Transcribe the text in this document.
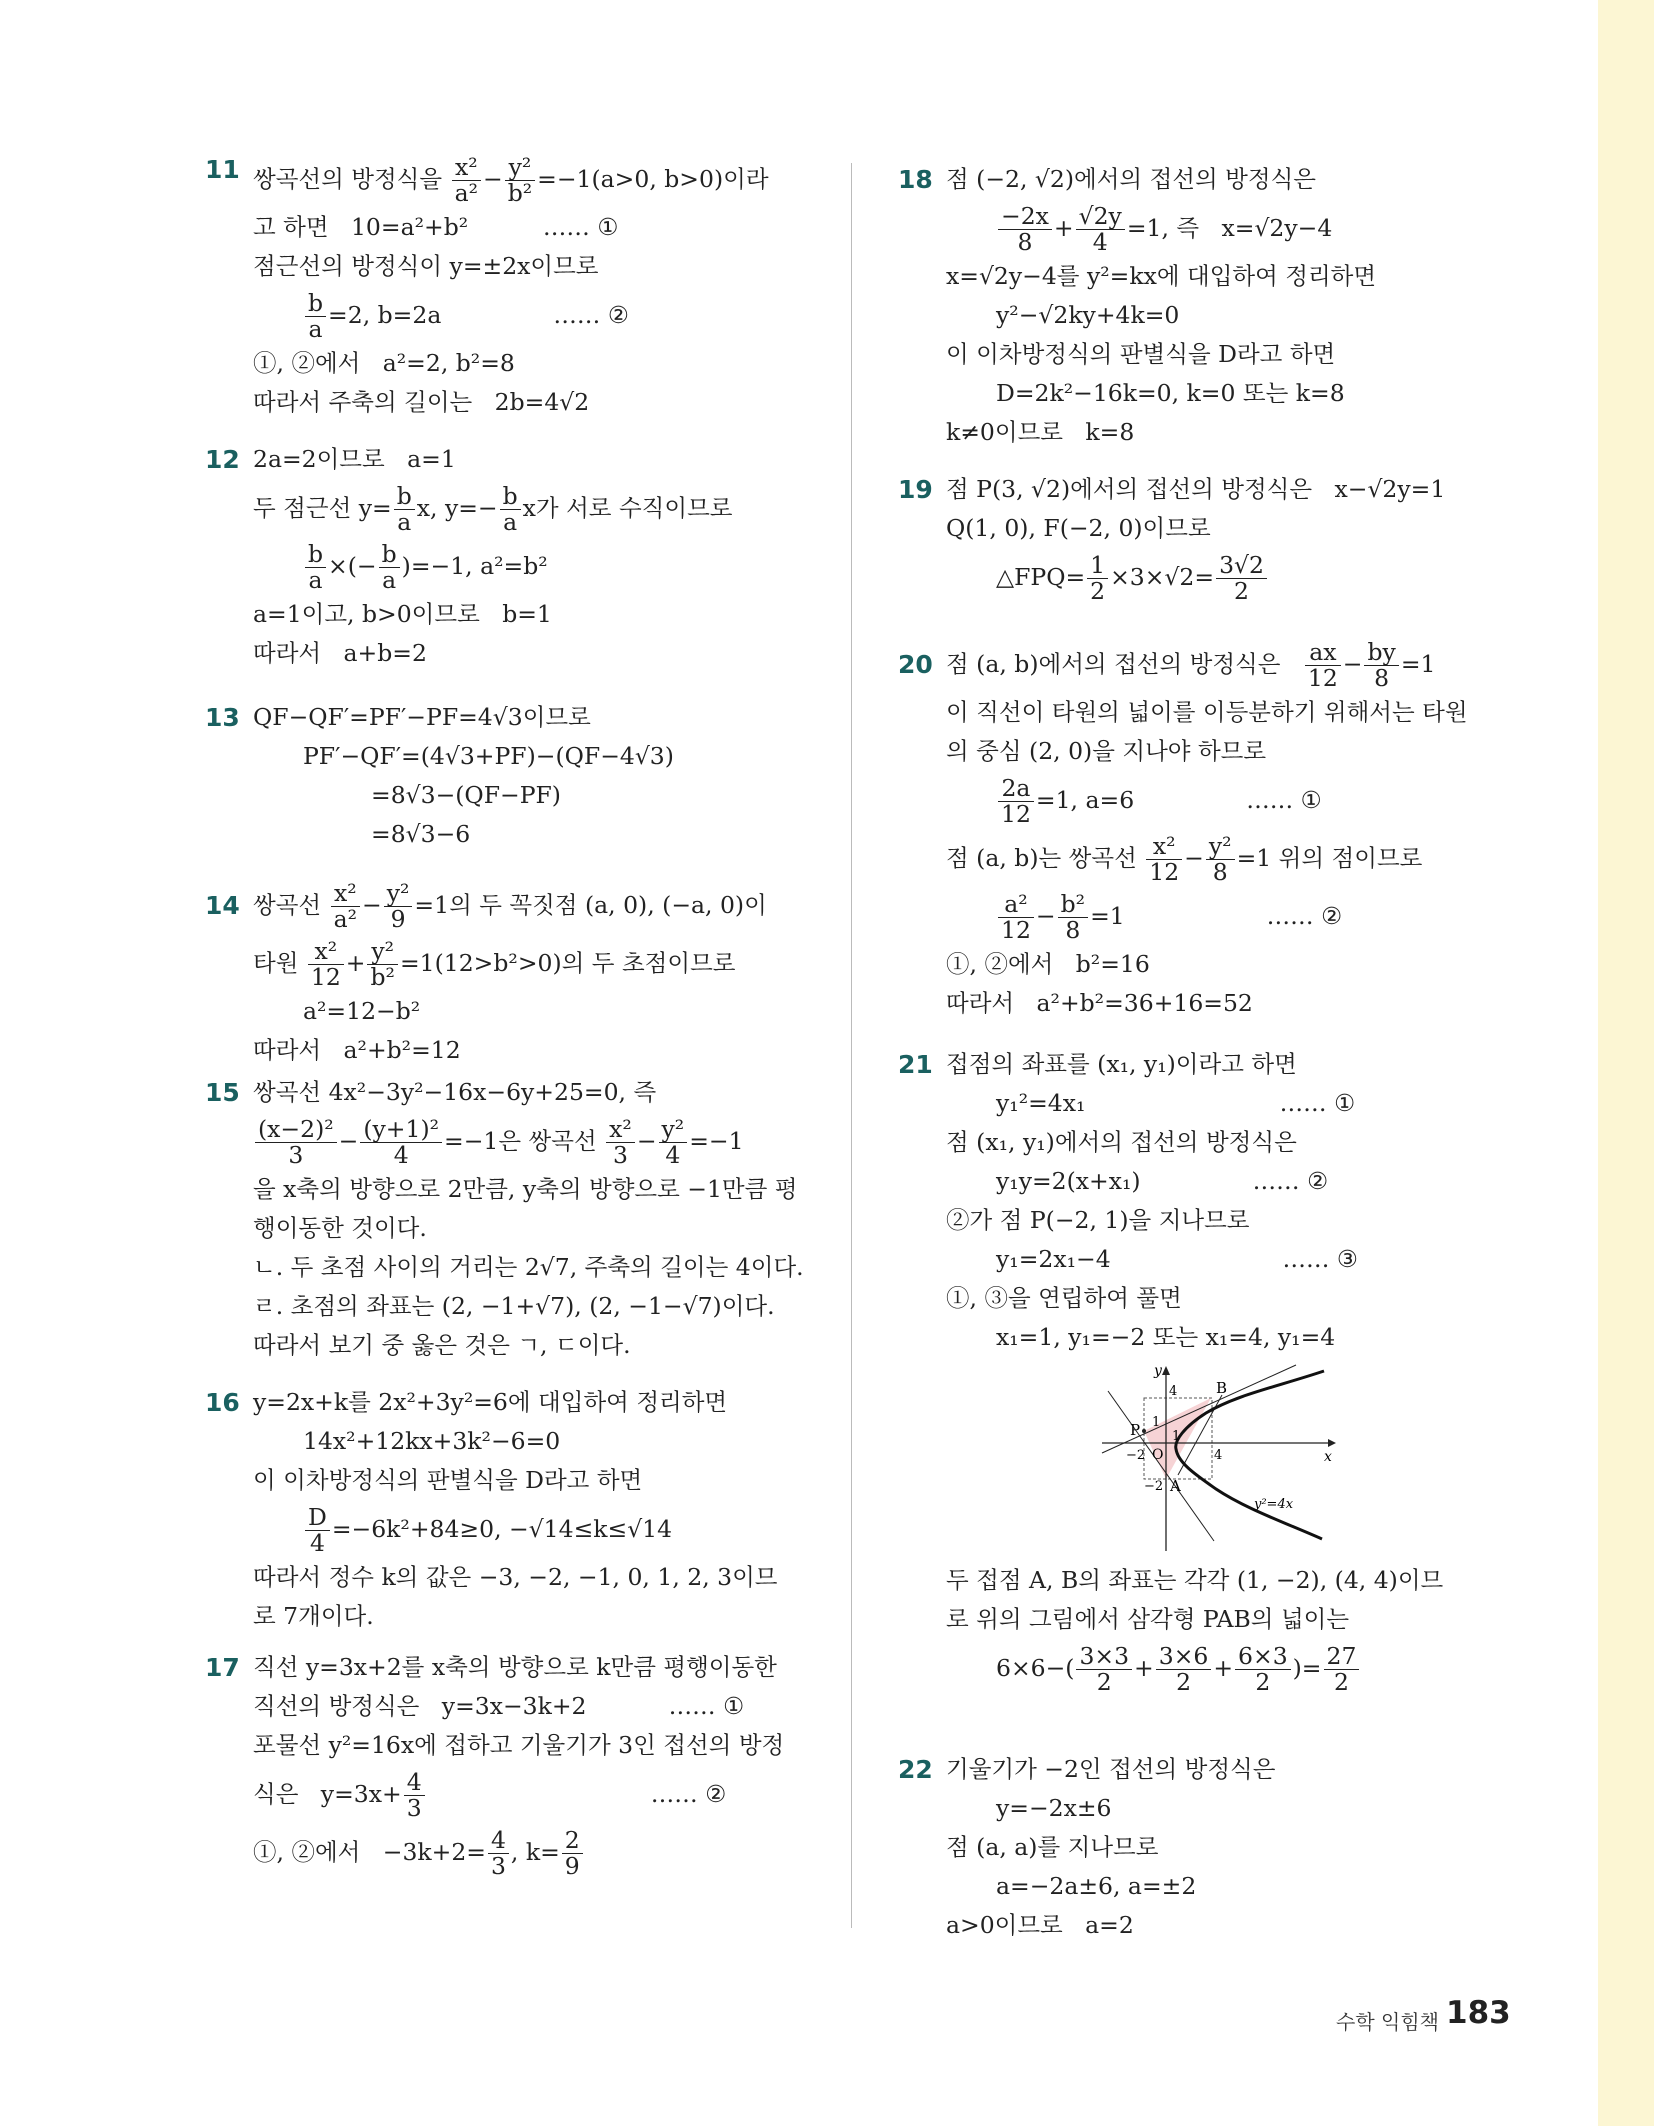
11 쌍곡선의 방정식을 $\frac{\text{x²}}{\text{a²}} - \frac{\text{y²}}{\text{b²}} =-1(a>0$, b>0)이라
고 하면   10=a²+b²          …… ①
점근선의 방정식이 y=±2x이므로
$\frac{b}{a} =2$, b=2a               …… ②
①, ②에서   a²=2, b²=8
따라서 주축의 길이는   2b=4√2
12 2a=2이므로   a=1
두 점근선 $y= \frac{b}{a} x$, $y=- \frac{b}{a}$ x가 서로 수직이므로
$\frac{b}{a}$ ×(− $\frac{b}{a} )=-1$, a²=b²
a=1이고, b>0이므로   b=1
따라서   a+b=2
13 QF−QF′=PF′−PF=4√3이므로
PF′−QF′=(4√3+PF)−(QF−4√3)
=8√3−(QF−PF)
=8√3−6
14 쌍곡선 $\frac{\text{x²}}{\text{a²}} - \frac{\text{y²}}{9} =1$의 두 꼭짓점 (a, 0), (−a, 0)이
타원 $\frac{\text{x²}}{12} + \frac{\text{y²}}{\text{b²}} =1(12>b^2>0)$의 두 초점이므로
a²=12−b²
따라서   a²+b²=12
15 쌍곡선 4x²−3y²−16x−6y+25=0, 즉
$\frac{\text{(x−2)²}}{3} - \frac{\text{(y+1)²}}{4} =-1$은 쌍곡선 $\frac{\text{x²}}{3} - \frac{\text{y²}}{4} =-1$
을 x축의 방향으로 2만큼, y축의 방향으로 −1만큼 평
행이동한 것이다.
ㄴ. 두 초점 사이의 거리는 2√7, 주축의 길이는 4이다.
ㄹ. 초점의 좌표는 (2, −1+√7), (2, −1−√7)이다.
따라서 보기 중 옳은 것은 ㄱ, ㄷ이다.
16 y=2x+k를 2x²+3y²=6에 대입하여 정리하면
14x²+12kx+3k²−6=0
이 이차방정식의 판별식을 D라고 하면
$\frac{D}{4} =-6k^2+84\ge 0$, −√14≤k≤√14
따라서 정수 k의 값은 −3, −2, −1, 0, 1, 2, 3이므
로 7개이다.
17 직선 y=3x+2를 x축의 방향으로 k만큼 평행이동한
직선의 방정식은   y=3x−3k+2           …… ①
포물선 y²=16x에 접하고 기울기가 3인 접선의 방정
식은   $y=3x+ \frac{4}{3}$ …… ②
①, ②에서   $-3k+2= \frac{4}{3}$ , $k= \frac{2}{9}$
18 점 (−2, √2)에서의 접선의 방정식은
$\frac{-2x}{8} + \frac{√2y}{4} =1$, 즉   x=√2y−4
x=√2y−4를 y²=kx에 대입하여 정리하면
y²−√2ky+4k=0
이 이차방정식의 판별식을 D라고 하면
D=2k²−16k=0, k=0 또는 k=8
k≠0이므로   k=8
19 점 P(3, √2)에서의 접선의 방정식은   x−√2y=1
Q(1, 0), F(−2, 0)이므로
△FPQ= $\frac{1}{2} \times 3\times√2= \frac{3√2}{2}$
20 점 (a, b)에서의 접선의 방정식은 $\frac{ax}{12} - \frac{by}{8} =1$
이 직선이 타원의 넓이를 이등분하기 위해서는 타원
의 중심 (2, 0)을 지나야 하므로
$\frac{2a}{12} =1$, a=6               …… ①
점 (a, b)는 쌍곡선 $\frac{\text{x²}}{12} - \frac{\text{y²}}{8} =1$ 위의 점이므로
$\frac{\text{a²}}{12} - \frac{\text{b²}}{8} =1$                   …… ②
①, ②에서   b²=16
따라서   a²+b²=36+16=52
21 접점의 좌표를 (x₁, y₁)이라고 하면
y₁²=4x₁                          …… ①
점 (x₁, y₁)에서의 접선의 방정식은
y₁y=2(x+x₁)               …… ②
②가 점 P(−2, 1)을 지나므로
y₁=2x₁−4                       …… ③
①, ③을 연립하여 풀면
x₁=1, y₁=−2 또는 x₁=4, y₁=4
y
x
O
B
A
P
4
1
−2
1
4
−2
y²=4x
두 접점 A, B의 좌표는 각각 (1, −2), (4, 4)이므
로 위의 그림에서 삼각형 PAB의 넓이는
$6\times 6-( \frac{3\times 3}{2} + \frac{3\times 6}{2} + \frac{6\times 3}{2}$ )= $\frac{27}{2}$
22 기울기가 −2인 접선의 방정식은
y=−2x±6
점 (a, a)를 지나므로
a=−2a±6, a=±2
a>0이므로   a=2
수학 익힘책 183
